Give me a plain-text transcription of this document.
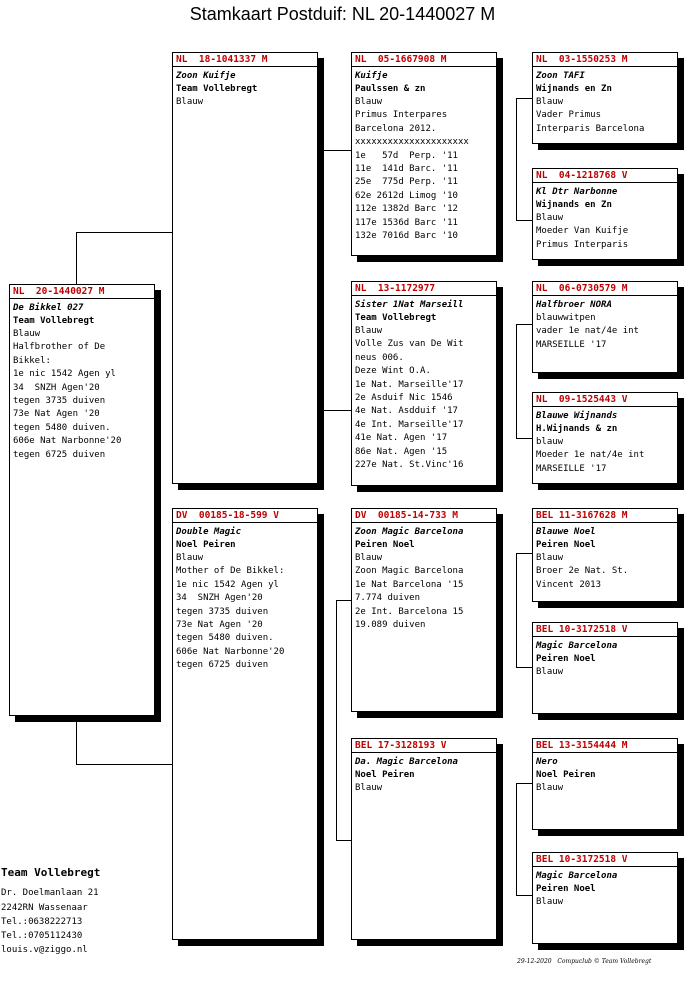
Stamkaart Postduif: NL 20-1440027 M
NL  20-1440027 M
De Bikkel 027
Team Vollebregt
Blauw
Halfbrother of De
Bikkel:
1e nic 1542 Agen yl
34  SNZH Agen'20
tegen 3735 duiven
73e Nat Agen '20
tegen 5480 duiven.
606e Nat Narbonne'20
tegen 6725 duiven
NL  18-1041337 M
Zoon Kuifje
Team Vollebregt
Blauw
DV  00185-18-599 V
Double Magic
Noel Peiren
Blauw
Mother of De Bikkel:
1e nic 1542 Agen yl
34  SNZH Agen'20
tegen 3735 duiven
73e Nat Agen '20
tegen 5480 duiven.
606e Nat Narbonne'20
tegen 6725 duiven
NL  05-1667908 M
Kuifje
Paulssen & zn
Blauw
Primus Interpares
Barcelona 2012.
xxxxxxxxxxxxxxxxxxxxx
1e   57d  Perp. '11
11e  141d Barc. '11
25e  775d Perp. '11
62e 2612d Limog '10
112e 1382d Barc '12
117e 1536d Barc '11
132e 7016d Barc '10
NL  13-1172977
Sister 1Nat Marseill
Team Vollebregt
Blauw
Volle Zus van De Wit
neus 006.
Deze Wint O.A.
1e Nat. Marseille'17
2e Asduif Nic 1546
4e Nat. Asdduif '17
4e Int. Marseille'17
41e Nat. Agen '17
86e Nat. Agen '15
227e Nat. St.Vinc'16
DV  00185-14-733 M
Zoon Magic Barcelona
Peiren Noel
Blauw
Zoon Magic Barcelona
1e Nat Barcelona '15
7.774 duiven
2e Int. Barcelona 15
19.089 duiven
BEL 17-3128193 V
Da. Magic Barcelona
Noel Peiren
Blauw
NL  03-1550253 M
Zoon TAFI
Wijnands en Zn
Blauw
Vader Primus
Interparis Barcelona
NL  04-1218768 V
Kl Dtr Narbonne
Wijnands en Zn
Blauw
Moeder Van Kuifje
Primus Interparis
NL  06-0730579 M
Halfbroer NORA
blauwwitpen
vader 1e nat/4e int
MARSEILLE '17
NL  09-1525443 V
Blauwe Wijnands
H.Wijnands & zn
blauw
Moeder 1e nat/4e int
MARSEILLE '17
BEL 11-3167628 M
Blauwe Noel
Peiren Noel
Blauw
Broer 2e Nat. St.
Vincent 2013
BEL 10-3172518 V
Magic Barcelona
Peiren Noel
Blauw
BEL 13-3154444 M
Nero
Noel Peiren
Blauw
BEL 10-3172518 V
Magic Barcelona
Peiren Noel
Blauw
Team Vollebregt
Dr. Doelmanlaan 21
2242RN Wassenaar
Tel.:0638222713
Tel.:0705112430
louis.v@ziggo.nl
29-12-2020   Compuclub © Team Vollebregt
